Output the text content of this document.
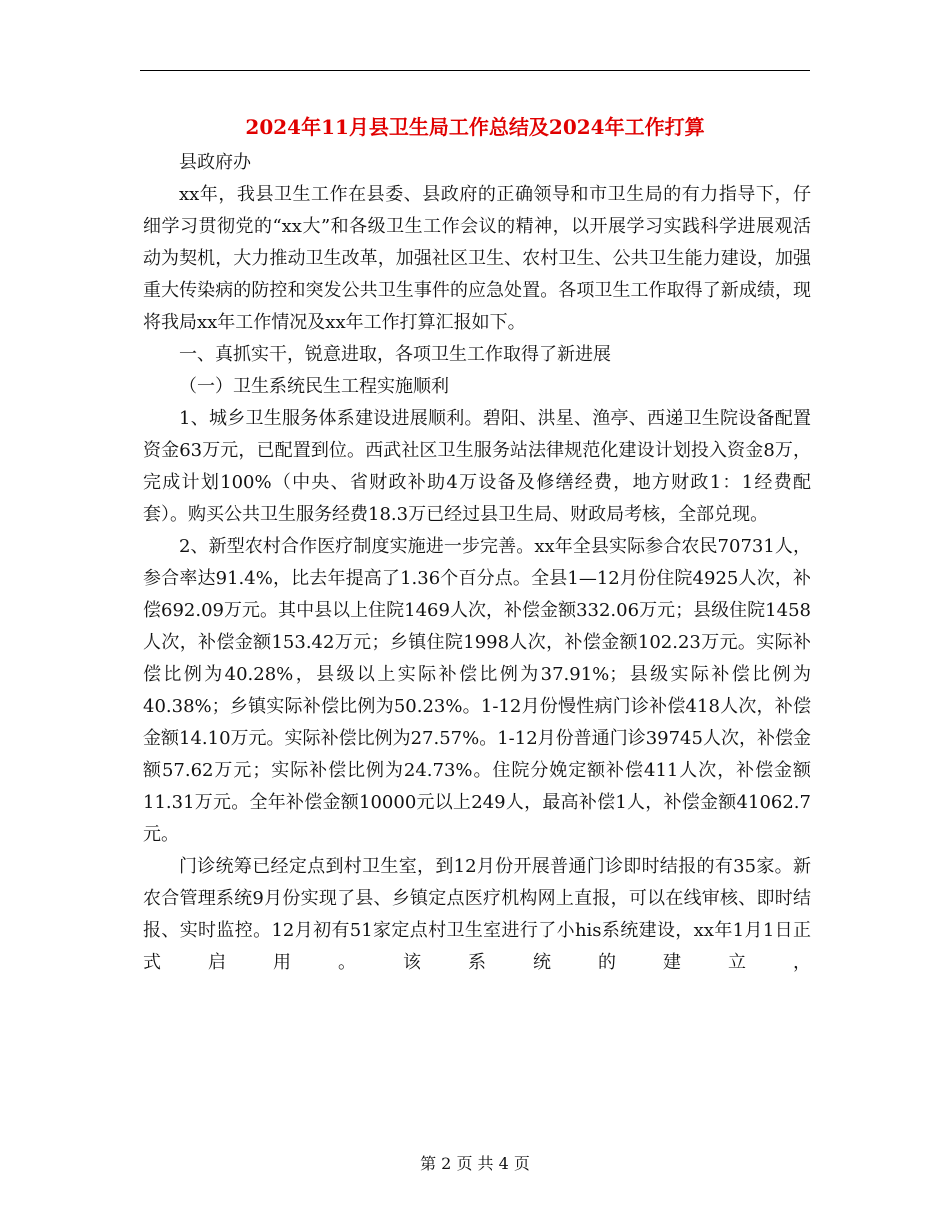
2024年11月县卫生局工作总结及2024年工作打算

县政府办

xx年，我县卫生工作在县委、县政府的正确领导和市卫生局的有力指导下，仔细学习贯彻党的“xx大”和各级卫生工作会议的精神，以开展学习实践科学进展观活动为契机，大力推动卫生改革，加强社区卫生、农村卫生、公共卫生能力建设，加强重大传染病的防控和突发公共卫生事件的应急处置。各项卫生工作取得了新成绩，现将我局xx年工作情况及xx年工作打算汇报如下。

一、真抓实干，锐意进取，各项卫生工作取得了新进展

（一）卫生系统民生工程实施顺利

1、城乡卫生服务体系建设进展顺利。碧阳、洪星、渔亭、西递卫生院设备配置资金63万元，已配置到位。西武社区卫生服务站法律规范化建设计划投入资金8万，完成计划100%（中央、省财政补助4万设备及修缮经费，地方财政1：1经费配套）。购买公共卫生服务经费18.3万已经过县卫生局、财政局考核，全部兑现。

2、新型农村合作医疗制度实施进一步完善。xx年全县实际参合农民70731人，参合率达91.4%，比去年提高了1.36个百分点。全县1—12月份住院4925人次，补偿692.09万元。其中县以上住院1469人次，补偿金额332.06万元；县级住院1458人次，补偿金额153.42万元；乡镇住院1998人次，补偿金额102.23万元。实际补偿比例为40.28%，县级以上实际补偿比例为37.91%；县级实际补偿比例为40.38%；乡镇实际补偿比例为50.23%。1-12月份慢性病门诊补偿418人次，补偿金额14.10万元。实际补偿比例为27.57%。1-12月份普通门诊39745人次，补偿金额57.62万元；实际补偿比例为24.73%。住院分娩定额补偿411人次，补偿金额11.31万元。全年补偿金额10000元以上249人，最高补偿1人，补偿金额41062.7元。

门诊统筹已经定点到村卫生室，到12月份开展普通门诊即时结报的有35家。新农合管理系统9月份实现了县、乡镇定点医疗机构网上直报，可以在线审核、即时结报、实时监控。12月初有51家定点村卫生室进行了小his系统建设，xx年1月1日正式启用。该系统的建立，

第 2 页 共 4 页
